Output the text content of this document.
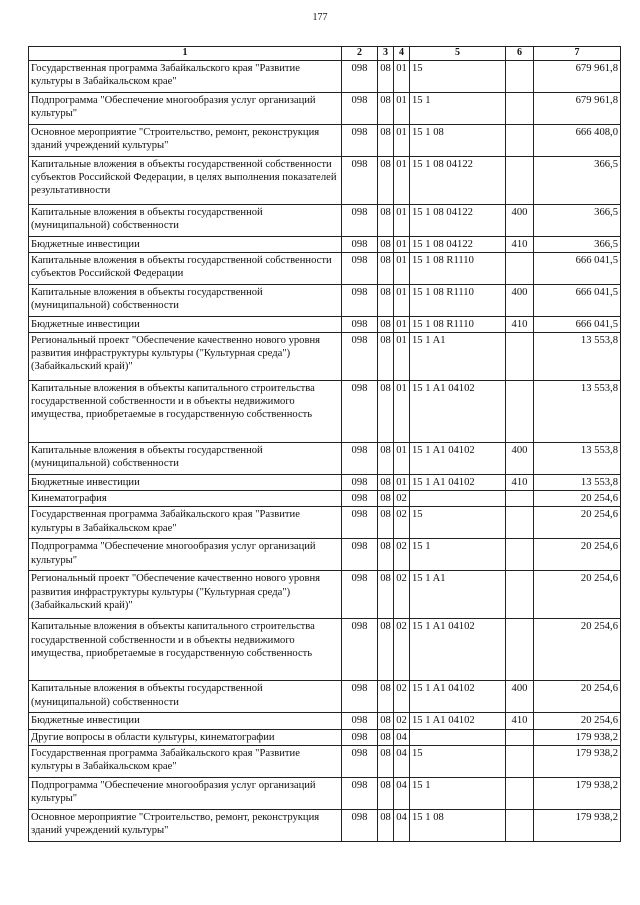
177
1	2	3	4	5	6	7
Государственная программа Забайкальского края "Развитие культуры в Забайкальском крае"	098	08	01	15		679 961,8
Подпрограмма "Обеспечение многообразия услуг организаций культуры"	098	08	01	15 1		679 961,8
Основное мероприятие "Строительство, ремонт, реконструкция зданий учреждений культуры"	098	08	01	15 1 08		666 408,0
Капитальные вложения в объекты государственной собственности субъектов Российской Федерации, в целях выполнения показателей результативности	098	08	01	15 1 08 04122		366,5
Капитальные вложения в объекты государственной (муниципальной) собственности	098	08	01	15 1 08 04122	400	366,5
Бюджетные инвестиции	098	08	01	15 1 08 04122	410	366,5
Капитальные вложения в объекты государственной собственности субъектов Российской Федерации	098	08	01	15 1 08 R1110		666 041,5
Капитальные вложения в объекты государственной (муниципальной) собственности	098	08	01	15 1 08 R1110	400	666 041,5
Бюджетные инвестиции	098	08	01	15 1 08 R1110	410	666 041,5
Региональный проект "Обеспечение качественно нового уровня развития инфраструктуры культуры ("Культурная среда") (Забайкальский край)"	098	08	01	15 1 A1		13 553,8
Капитальные вложения в объекты капитального строительства государственной собственности и в объекты недвижимого имущества, приобретаемые в государственную собственность	098	08	01	15 1 A1 04102		13 553,8
Капитальные вложения в объекты государственной (муниципальной) собственности	098	08	01	15 1 A1 04102	400	13 553,8
Бюджетные инвестиции	098	08	01	15 1 A1 04102	410	13 553,8
Кинематография	098	08	02			20 254,6
Государственная программа Забайкальского края "Развитие культуры в Забайкальском крае"	098	08	02	15		20 254,6
Подпрограмма "Обеспечение многообразия услуг организаций культуры"	098	08	02	15 1		20 254,6
Региональный проект "Обеспечение качественно нового уровня развития инфраструктуры культуры ("Культурная среда") (Забайкальский край)"	098	08	02	15 1 A1		20 254,6
Капитальные вложения в объекты капитального строительства государственной собственности и в объекты недвижимого имущества, приобретаемые в государственную собственность	098	08	02	15 1 A1 04102		20 254,6
Капитальные вложения в объекты государственной (муниципальной) собственности	098	08	02	15 1 A1 04102	400	20 254,6
Бюджетные инвестиции	098	08	02	15 1 A1 04102	410	20 254,6
Другие вопросы в области культуры, кинематографии	098	08	04			179 938,2
Государственная программа Забайкальского края "Развитие культуры в Забайкальском крае"	098	08	04	15		179 938,2
Подпрограмма "Обеспечение многообразия услуг организаций культуры"	098	08	04	15 1		179 938,2
Основное мероприятие "Строительство, ремонт, реконструкция зданий учреждений культуры"	098	08	04	15 1 08		179 938,2
